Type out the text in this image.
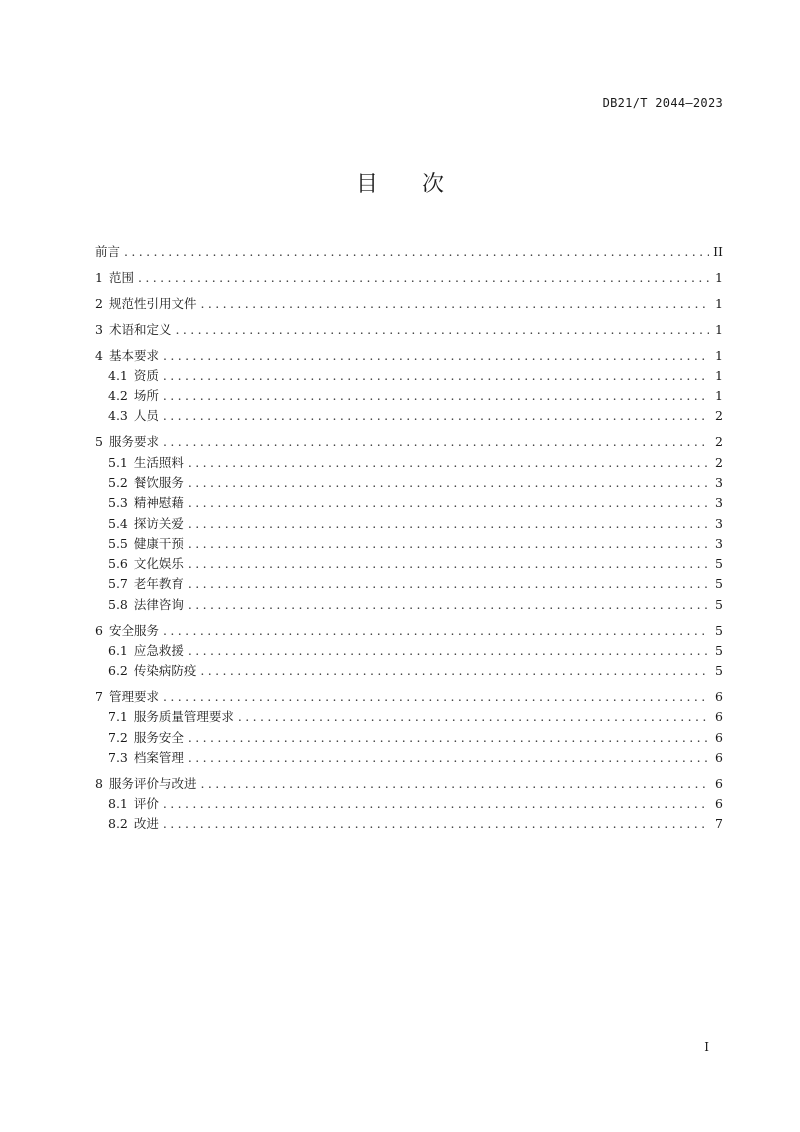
DB21/T 2044—2023
目 次
前言 .....	II
1 范围 .....	1
2 规范性引用文件 .....	1
3 术语和定义 .....	1
4 基本要求 .....	1
4.1 资质 .....	1
4.2 场所 .....	1
4.3 人员 .....	2
5 服务要求 .....	2
5.1 生活照料 .....	2
5.2 餐饮服务 .....	3
5.3 精神慰藉 .....	3
5.4 探访关爱 .....	3
5.5 健康干预 .....	3
5.6 文化娱乐 .....	5
5.7 老年教育 .....	5
5.8 法律咨询 .....	5
6 安全服务 .....	5
6.1 应急救援 .....	5
6.2 传染病防疫 .....	5
7 管理要求 .....	6
7.1 服务质量管理要求 .....	6
7.2 服务安全 .....	6
7.3 档案管理 .....	6
8 服务评价与改进 .....	6
8.1 评价 .....	6
8.2 改进 .....	7
I
